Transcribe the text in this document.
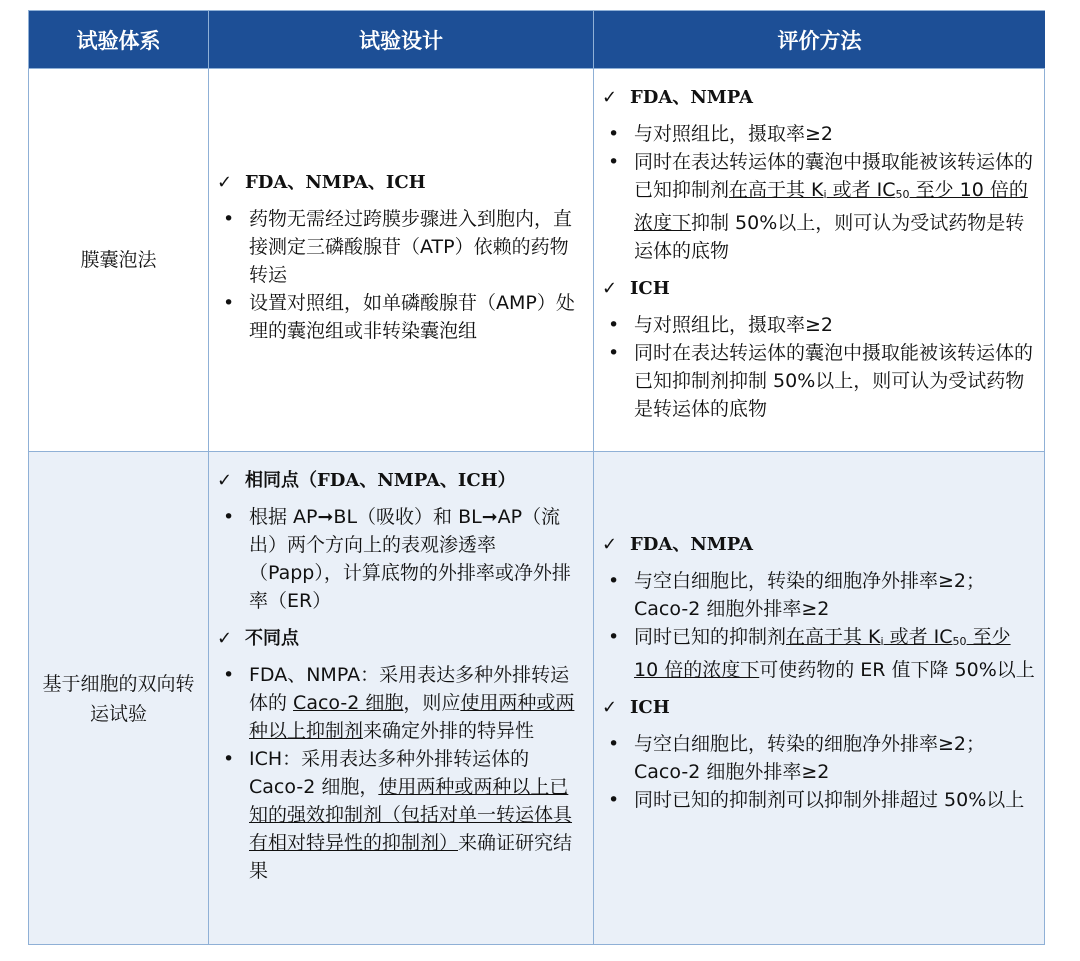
试验体系	试验设计	评价方法
膜囊泡法
✓ FDA、NMPA、ICH
• 药物无需经过跨膜步骤进入到胞内，直接测定三磷酸腺苷（ATP）依赖的药物转运
• 设置对照组，如单磷酸腺苷（AMP）处理的囊泡组或非转染囊泡组
✓ FDA、NMPA
• 与对照组比，摄取率≥2
• 同时在表达转运体的囊泡中摄取能被该转运体的已知抑制剂在高于其 $K_i$ 或者 $IC_{50}$ 至少 10 倍的浓度下抑制 50%以上，则可认为受试药物是转运体的底物
✓ ICH
• 与对照组比，摄取率≥2
• 同时在表达转运体的囊泡中摄取能被该转运体的已知抑制剂抑制 50%以上，则可认为受试药物是转运体的底物
基于细胞的双向转运试验
✓ 相同点（FDA、NMPA、ICH）
• 根据 AP➞BL（吸收）和 BL➞AP（流出）两个方向上的表观渗透率（Papp），计算底物的外排率或净外排率（ER）
✓ 不同点
• FDA、NMPA：采用表达多种外排转运体的 Caco-2 细胞，则应使用两种或两种以上抑制剂来确定外排的特异性
• ICH：采用表达多种外排转运体的 Caco-2 细胞，使用两种或两种以上已知的强效抑制剂（包括对单一转运体具有相对特异性的抑制剂）来确证研究结果
✓ FDA、NMPA
• 与空白细胞比，转染的细胞净外排率≥2；Caco-2 细胞外排率≥2
• 同时已知的抑制剂在高于其 $K_i$ 或者 $IC_{50}$ 至少 10 倍的浓度下可使药物的 ER 值下降 50%以上
✓ ICH
• 与空白细胞比，转染的细胞净外排率≥2；Caco-2 细胞外排率≥2
• 同时已知的抑制剂可以抑制外排超过 50%以上
